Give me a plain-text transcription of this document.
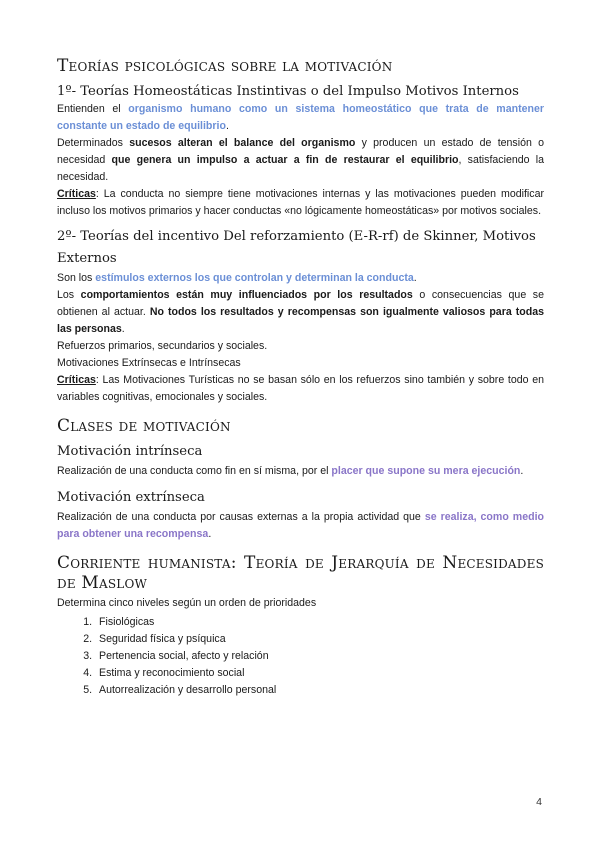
Teorías psicológicas sobre la motivación
1º- Teorías Homeostáticas Instintivas o del Impulso Motivos Internos

Entienden el organismo humano como un sistema homeostático que trata de mantener constante un estado de equilibrio.

Determinados sucesos alteran el balance del organismo y producen un estado de tensión o necesidad que genera un impulso a actuar a fin de restaurar el equilibrio, satisfaciendo la necesidad.

Críticas: La conducta no siempre tiene motivaciones internas y las motivaciones pueden modificar incluso los motivos primarios y hacer conductas «no lógicamente homeostáticas» por motivos sociales.

2º- Teorías del incentivo Del reforzamiento (E-R-rf) de Skinner, Motivos Externos

Son los estímulos externos los que controlan y determinan la conducta.

Los comportamientos están muy influenciados por los resultados o consecuencias que se obtienen al actuar. No todos los resultados y recompensas son igualmente valiosos para todas las personas.

Refuerzos primarios, secundarios y sociales.

Motivaciones Extrínsecas e Intrínsecas

Críticas: Las Motivaciones Turísticas no se basan sólo en los refuerzos sino también y sobre todo en variables cognitivas, emocionales y sociales.

Clases de motivación
Motivación intrínseca

Realización de una conducta como fin en sí misma, por el placer que supone su mera ejecución.

Motivación extrínseca

Realización de una conducta por causas externas a la propia actividad que se realiza, como medio para obtener una recompensa.

Corriente humanista: Teoría de Jerarquía de Necesidades de Maslow

Determina cinco niveles según un orden de prioridades

1. Fisiológicas
2. Seguridad física y psíquica
3. Pertenencia social, afecto y relación
4. Estima y reconocimiento social
5. Autorrealización y desarrollo personal
4
